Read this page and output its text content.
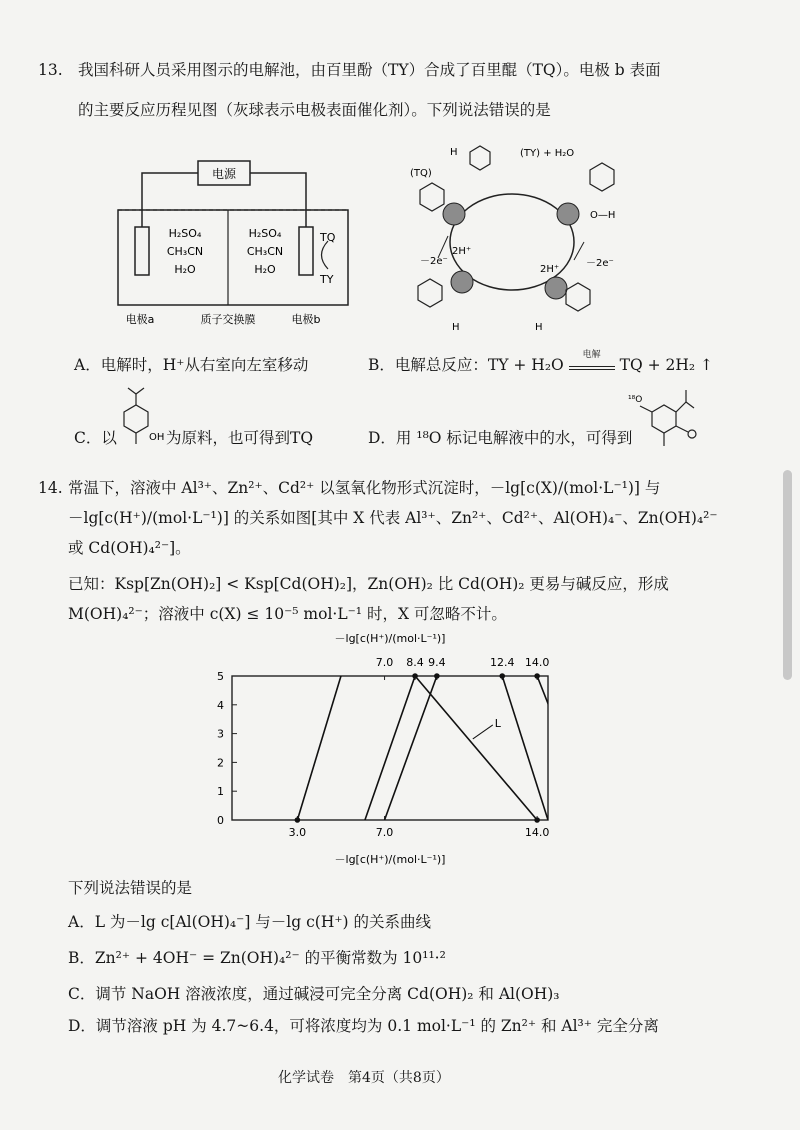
13. 我国科研人员采用图示的电解池，由百里酚（TY）合成了百里醌（TQ）。电极 b 表面
的主要反应历程见图（灰球表示电极表面催化剂）。下列说法错误的是
电源
H₂SO₄
CH₃CN
H₂O
H₂SO₄
CH₃CN
H₂O
TQ
TY
电极a	质子交换膜	电极b
H	(TY) + H₂O
(TQ)
O—H
2H⁺
－2e⁻
2H⁺
－2e⁻
H	H
A．电解时，H⁺从右室向左室移动	B．电解总反应：TY + H₂O
电解
TQ + 2H₂ ↑
C．以	OH 为原料，也可得到TQ	D．用 ¹⁸O 标记电解液中的水，可得到
¹⁸O
14. 常温下，溶液中 Al³⁺、Zn²⁺、Cd²⁺ 以氢氧化物形式沉淀时，－lg[c(X)/(mol·L⁻¹)] 与
－lg[c(H⁺)/(mol·L⁻¹)] 的关系如图[其中 X 代表 Al³⁺、Zn²⁺、Cd²⁺、Al(OH)₄⁻、Zn(OH)₄²⁻
或 Cd(OH)₄²⁻]。
已知：Ksp[Zn(OH)₂] < Ksp[Cd(OH)₂]，Zn(OH)₂ 比 Cd(OH)₂ 更易与碱反应，形成
M(OH)₄²⁻；溶液中 c(X) ≤ 10⁻⁵ mol·L⁻¹ 时，X 可忽略不计。
－lg[c(H⁺)/(mol·L⁻¹)]
－lg[c(H⁺)/(mol·L⁻¹)]
0
1
2
3
4
5
7.0 8.4 9.4	12.4 14.0
3.0	7.0	14.0
L
下列说法错误的是
A．L 为－lg c[Al(OH)₄⁻] 与－lg c(H⁺) 的关系曲线
B．Zn²⁺ + 4OH⁻ = Zn(OH)₄²⁻ 的平衡常数为 10¹¹·²
C．调节 NaOH 溶液浓度，通过碱浸可完全分离 Cd(OH)₂ 和 Al(OH)₃
D．调节溶液 pH 为 4.7~6.4，可将浓度均为 0.1 mol·L⁻¹ 的 Zn²⁺ 和 Al³⁺ 完全分离
化学试卷　第4页（共8页）
